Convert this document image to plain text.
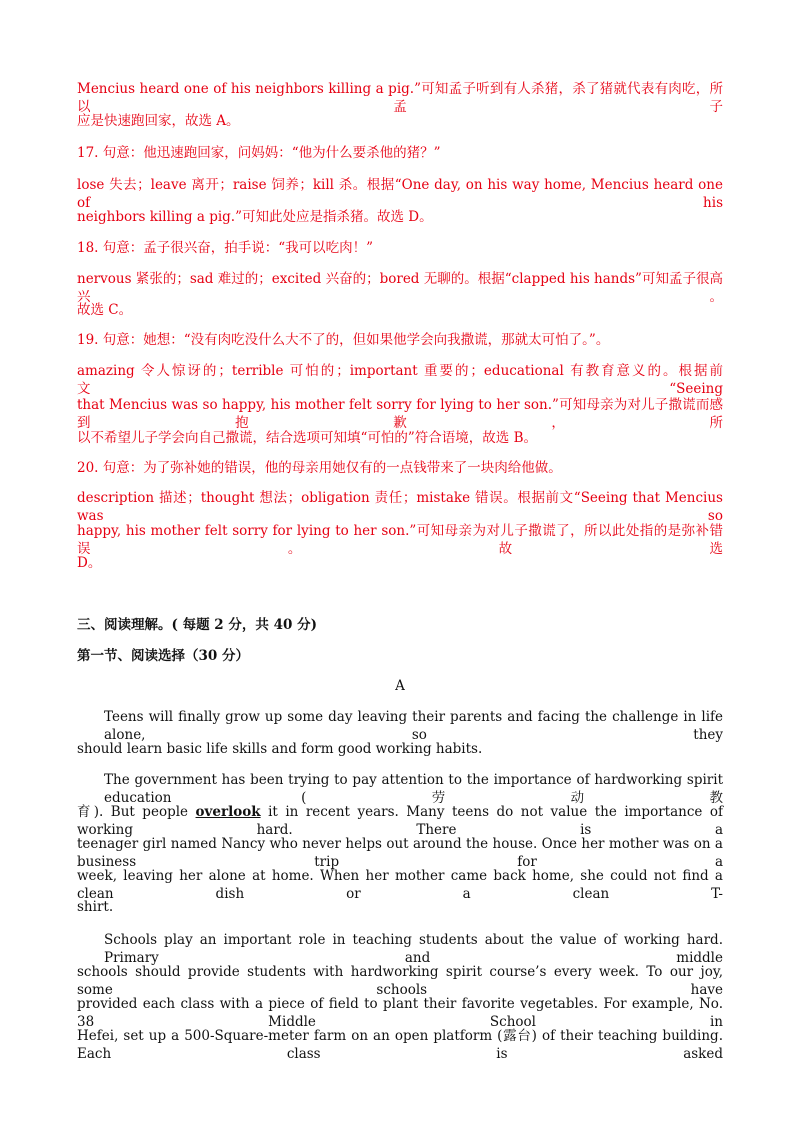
Mencius heard one of his neighbors killing a pig.”可知孟子听到有人杀猪，杀了猪就代表有肉吃，所以孟子
应是快速跑回家，故选 A。
17. 句意：他迅速跑回家，问妈妈：“他为什么要杀他的猪？”
lose 失去；leave 离开；raise 饲养；kill 杀。根据“One day, on his way home, Mencius heard one of his
neighbors killing a pig.”可知此处应是指杀猪。故选 D。
18. 句意：孟子很兴奋，拍手说：“我可以吃肉！”
nervous 紧张的；sad 难过的；excited 兴奋的；bored 无聊的。根据“clapped his hands”可知孟子很高兴。
故选 C。
19. 句意：她想：“没有肉吃没什么大不了的，但如果他学会向我撒谎，那就太可怕了。”。
amazing 令人惊讶的；terrible 可怕的；important 重要的；educational 有教育意义的。根据前文“Seeing
that Mencius was so happy, his mother felt sorry for lying to her son.”可知母亲为对儿子撒谎而感到抱歉，所
以不希望儿子学会向自己撒谎，结合选项可知填“可怕的”符合语境，故选 B。
20. 句意：为了弥补她的错误，他的母亲用她仅有的一点钱带来了一块肉给他做。
description 描述；thought 想法；obligation 责任；mistake 错误。根据前文“Seeing that Mencius was so
happy, his mother felt sorry for lying to her son.”可知母亲为对儿子撒谎了，所以此处指的是弥补错误。故选
D。
三、阅读理解。( 每题 2 分，共 40 分)
第一节、阅读选择（30 分）
A
Teens will finally grow up some day leaving their parents and facing the challenge in life alone, so they
should learn basic life skills and form good working habits.
The government has been trying to pay attention to the importance of hardworking spirit education (劳动教
育). But people overlook it in recent years. Many teens do not value the importance of working hard. There is a
teenager girl named Nancy who never helps out around the house. Once her mother was on a business trip for a
week, leaving her alone at home. When her mother came back home, she could not find a clean dish or a clean T-
shirt.
Schools play an important role in teaching students about the value of working hard. Primary and middle
schools should provide students with hardworking spirit course’s every week. To our joy, some schools have
provided each class with a piece of field to plant their favorite vegetables. For example, No. 38 Middle School in
Hefei, set up a 500-Square-meter farm on an open platform (露台) of their teaching building. Each class is asked
